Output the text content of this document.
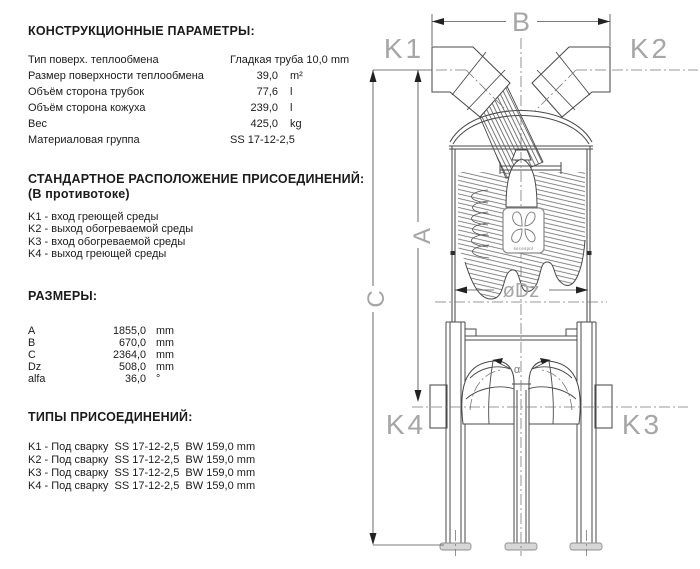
КОНСТРУКЦИОННЫЕ ПАРАМЕТРЫ:
Тип поверх. теплообмена	Гладкая труба 10,0 mm
Размер поверхности теплообмена	39,0 m²
Объём сторона трубок	77,6 l
Объём сторона кожуха	239,0 l
Вес	425,0 kg
Материаловая группа	SS 17-12-2,5
СТАНДАРТНОЕ РАСПОЛОЖЕНИЕ ПРИСОЕДИНЕНИЙ:
(В противотоке)
K1 - вход греющей среды
K2 - выход обогреваемой среды
K3 - вход обогреваемой среды
K4 - выход греющей среды
РАЗМЕРЫ:
A	1855,0 mm
B	670,0 mm
C	2364,0 mm
Dz	508,0 mm
alfa	36,0 °
ТИПЫ ПРИСОЕДИНЕНИЙ:
K1 - Под сварку  SS 17-12-2,5  BW 159,0 mm
K2 - Под сварку  SS 17-12-2,5  BW 159,0 mm
K3 - Под сварку  SS 17-12-2,5  BW 159,0 mm
K4 - Под сварку  SS 17-12-2,5  BW 159,0 mm
secespol
B
A
C	øDz
α
K1	K2
K4	K3
